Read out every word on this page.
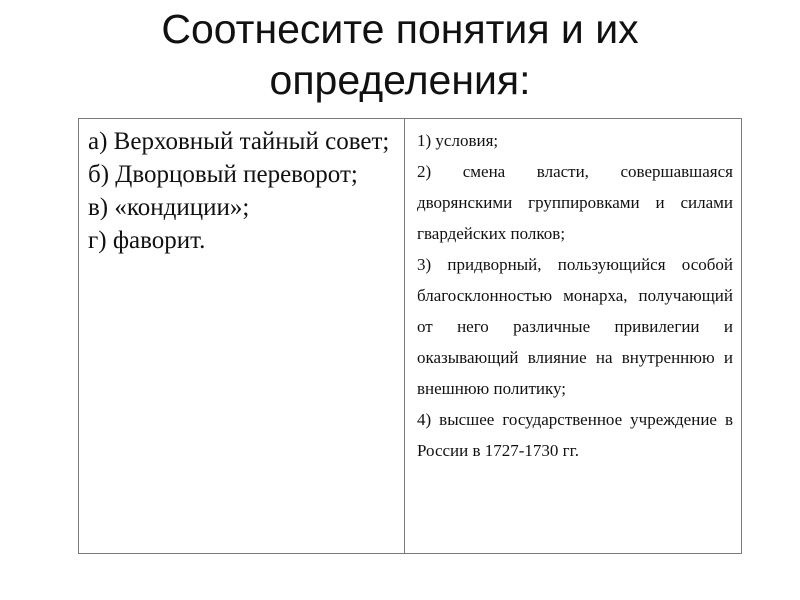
Соотнесите понятия и их
определения:

а) Верховный тайный совет;

б) Дворцовый переворот;

в) «кондиции»;

г) фаворит.

1) условия;

2) смена власти, совершавшаяся дворянскими группировками и силами гвардейских полков;

3) придворный, пользующийся особой благосклонностью монарха, получающий от него различные привилегии и оказывающий влияние на внутреннюю и внешнюю политику;

4) высшее государственное учреждение в России в 1727-1730 гг.
